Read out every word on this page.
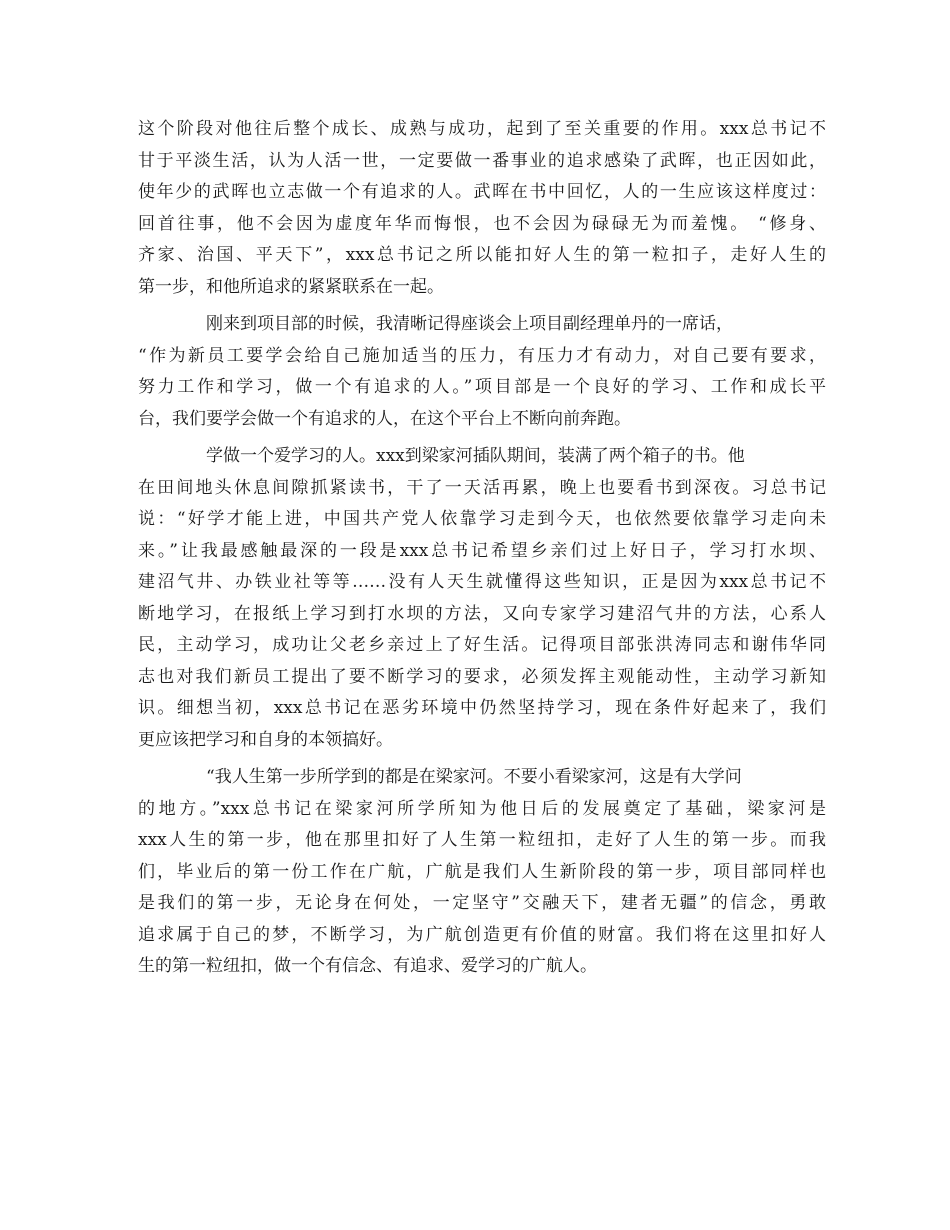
这个阶段对他往后整个成长、成熟与成功，起到了至关重要的作用。xxx总书记不
甘于平淡生活，认为人活一世，一定要做一番事业的追求感染了武晖，也正因如此，
使年少的武晖也立志做一个有追求的人。武晖在书中回忆，人的一生应该这样度过：
回首往事，他不会因为虚度年华而悔恨，也不会因为碌碌无为而羞愧。 “修身、
齐家、治国、平天下”，xxx总书记之所以能扣好人生的第一粒扣子，走好人生的
第一步，和他所追求的紧紧联系在一起。
刚来到项目部的时候，我清晰记得座谈会上项目副经理单丹的一席话，
“作为新员工要学会给自己施加适当的压力，有压力才有动力，对自己要有要求，
努力工作和学习，做一个有追求的人。”项目部是一个良好的学习、工作和成长平
台，我们要学会做一个有追求的人，在这个平台上不断向前奔跑。
学做一个爱学习的人。xxx到梁家河插队期间，装满了两个箱子的书。他
在田间地头休息间隙抓紧读书，干了一天活再累，晚上也要看书到深夜。习总书记
说：“好学才能上进，中国共产党人依靠学习走到今天，也依然要依靠学习走向未
来。”让我最感触最深的一段是xxx总书记希望乡亲们过上好日子，学习打水坝、
建沼气井、办铁业社等等……没有人天生就懂得这些知识，正是因为xxx总书记不
断地学习，在报纸上学习到打水坝的方法，又向专家学习建沼气井的方法，心系人
民，主动学习，成功让父老乡亲过上了好生活。记得项目部张洪涛同志和谢伟华同
志也对我们新员工提出了要不断学习的要求，必须发挥主观能动性，主动学习新知
识。细想当初，xxx总书记在恶劣环境中仍然坚持学习，现在条件好起来了，我们
更应该把学习和自身的本领搞好。
“我人生第一步所学到的都是在梁家河。不要小看梁家河，这是有大学问
的地方。”xxx总书记在梁家河所学所知为他日后的发展奠定了基础，梁家河是
xxx人生的第一步，他在那里扣好了人生第一粒纽扣，走好了人生的第一步。而我
们，毕业后的第一份工作在广航，广航是我们人生新阶段的第一步，项目部同样也
是我们的第一步，无论身在何处，一定坚守”交融天下，建者无疆”的信念，勇敢
追求属于自己的梦，不断学习，为广航创造更有价值的财富。我们将在这里扣好人
生的第一粒纽扣，做一个有信念、有追求、爱学习的广航人。
